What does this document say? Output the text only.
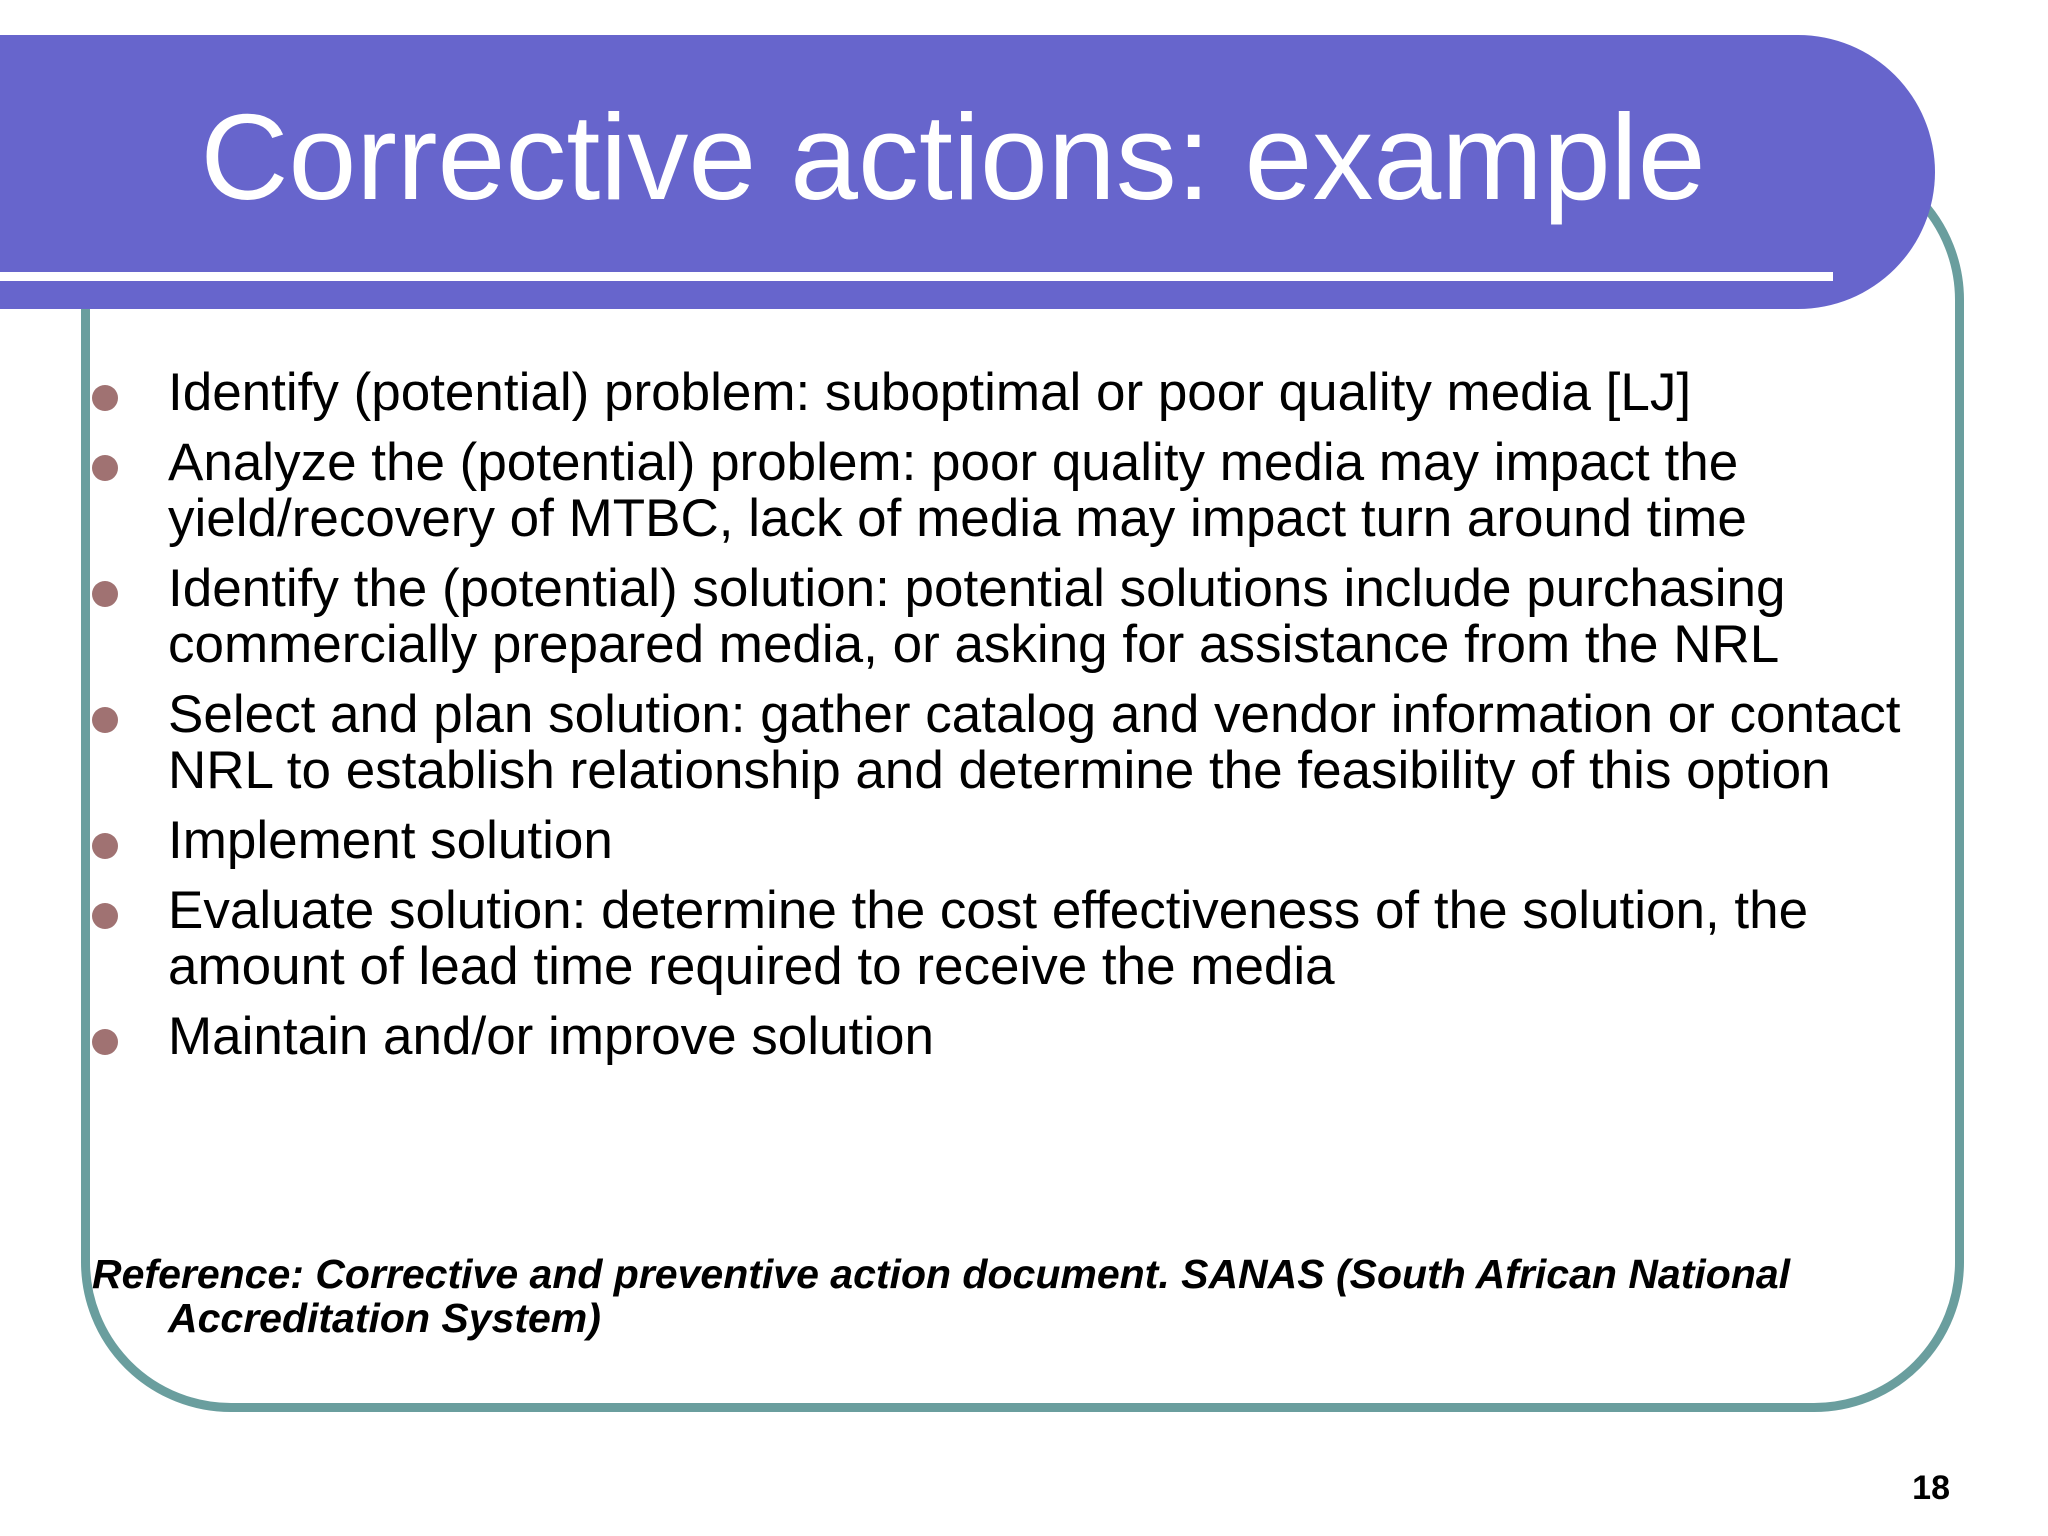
Corrective actions: example
Identify (potential) problem: suboptimal or poor quality media [LJ]
Analyze the (potential) problem: poor quality media may impact the yield/recovery of MTBC, lack of media may impact turn around time
Identify the (potential) solution: potential solutions include purchasing commercially prepared media, or asking for assistance from the NRL
Select and plan solution: gather catalog and vendor information or contact NRL to establish relationship and determine the feasibility of this option
Implement solution
Evaluate solution: determine the cost effectiveness of the solution, the amount of lead time required to receive the media
Maintain and/or improve solution
Reference: Corrective and preventive action document. SANAS (South African National Accreditation System)
18
